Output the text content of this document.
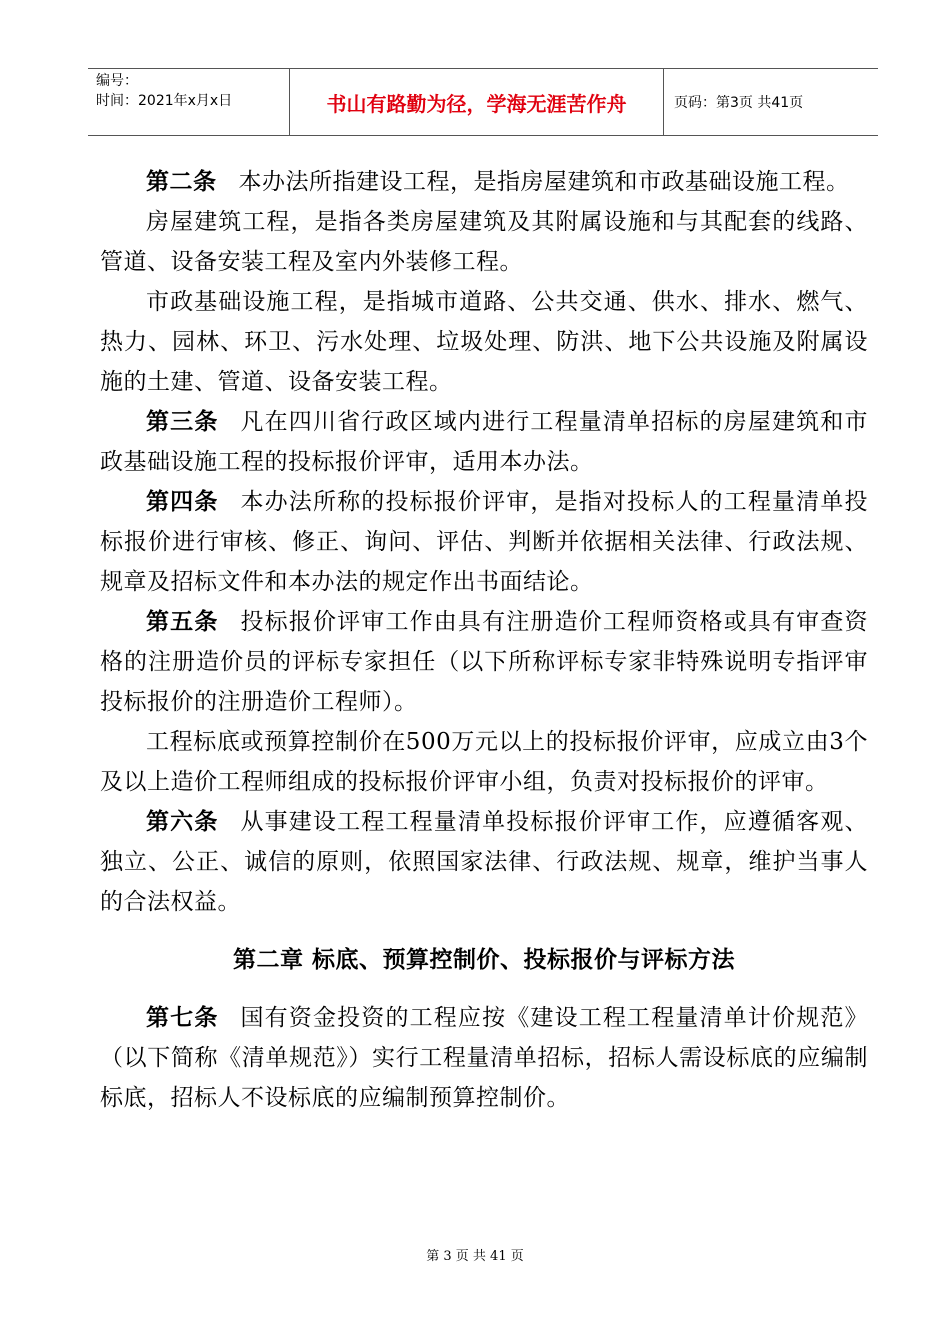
编号：
时间：2021年x月x日	书山有路勤为径，学海无涯苦作舟	页码：第3页 共41页

第二条 本办法所指建设工程，是指房屋建筑和市政基础设施工程。

房屋建筑工程，是指各类房屋建筑及其附属设施和与其配套的线路、管道、设备安装工程及室内外装修工程。

市政基础设施工程，是指城市道路、公共交通、供水、排水、燃气、热力、园林、环卫、污水处理、垃圾处理、防洪、地下公共设施及附属设施的土建、管道、设备安装工程。

第三条 凡在四川省行政区域内进行工程量清单招标的房屋建筑和市政基础设施工程的投标报价评审，适用本办法。

第四条 本办法所称的投标报价评审，是指对投标人的工程量清单投标报价进行审核、修正、询问、评估、判断并依据相关法律、行政法规、规章及招标文件和本办法的规定作出书面结论。

第五条 投标报价评审工作由具有注册造价工程师资格或具有审查资格的注册造价员的评标专家担任（以下所称评标专家非特殊说明专指评审投标报价的注册造价工程师）。

工程标底或预算控制价在500万元以上的投标报价评审，应成立由3个及以上造价工程师组成的投标报价评审小组，负责对投标报价的评审。

第六条 从事建设工程工程量清单投标报价评审工作，应遵循客观、独立、公正、诚信的原则，依照国家法律、行政法规、规章，维护当事人的合法权益。

第二章 标底、预算控制价、投标报价与评标方法

第七条 国有资金投资的工程应按《建设工程工程量清单计价规范》（以下简称《清单规范》）实行工程量清单招标，招标人需设标底的应编制标底，招标人不设标底的应编制预算控制价。

第 3 页 共 41 页
